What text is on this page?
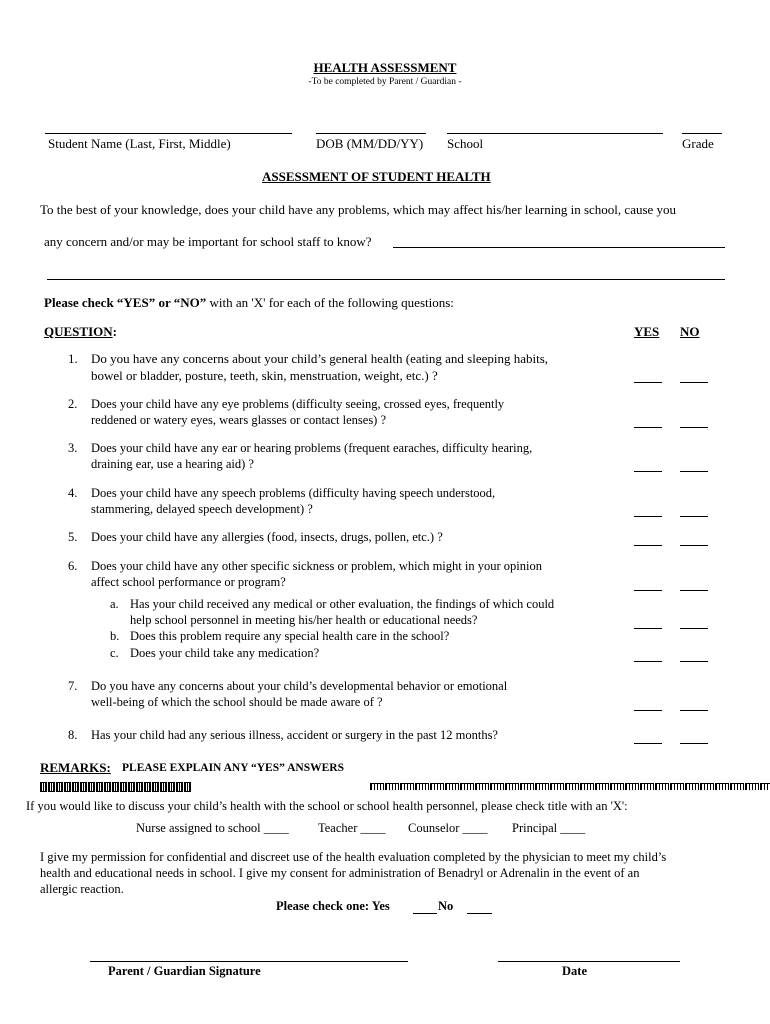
HEALTH ASSESSMENT
-To be completed by Parent / Guardian -
Student Name (Last, First, Middle)	DOB (MM/DD/YY) School	Grade
ASSESSMENT OF STUDENT HEALTH
To the best of your knowledge, does your child have any problems, which may affect his/her learning in school, cause you
any concern and/or may be important for school staff to know?
Please check “YES” or “NO” with an 'X' for each of the following questions:
QUESTION:	YES NO
1. Do you have any concerns about your child’s general health (eating and sleeping habits,
bowel or bladder, posture, teeth, skin, menstruation, weight, etc.) ?
2. Does your child have any eye problems (difficulty seeing, crossed eyes, frequently
reddened or watery eyes, wears glasses or contact lenses) ?
3. Does your child have any ear or hearing problems (frequent earaches, difficulty hearing,
draining ear, use a hearing aid) ?
4. Does your child have any speech problems (difficulty having speech understood,
stammering, delayed speech development) ?
5. Does your child have any allergies (food, insects, drugs, pollen, etc.) ?
6. Does your child have any other specific sickness or problem, which might in your opinion
affect school performance or program?
a. Has your child received any medical or other evaluation, the findings of which could
help school personnel in meeting his/her health or educational needs?
b. Does this problem require any special health care in the school?
c. Does your child take any medication?
7. Do you have any concerns about your child’s developmental behavior or emotional
well-being of which the school should be made aware of ?
8. Has your child had any serious illness, accident or surgery in the past 12 months?
REMARKS: PLEASE EXPLAIN ANY “YES” ANSWERS
If you would like to discuss your child’s health with the school or school health personnel, please check title with an 'X':
Nurse assigned to school ____ Teacher ____ Counselor ____ Principal ____
I give my permission for confidential and discreet use of the health evaluation completed by the physician to meet my child’s
health and educational needs in school. I give my consent for administration of Benadryl or Adrenalin in the event of an
allergic reaction.
Please check one: Yes	No
Parent / Guardian Signature	Date
